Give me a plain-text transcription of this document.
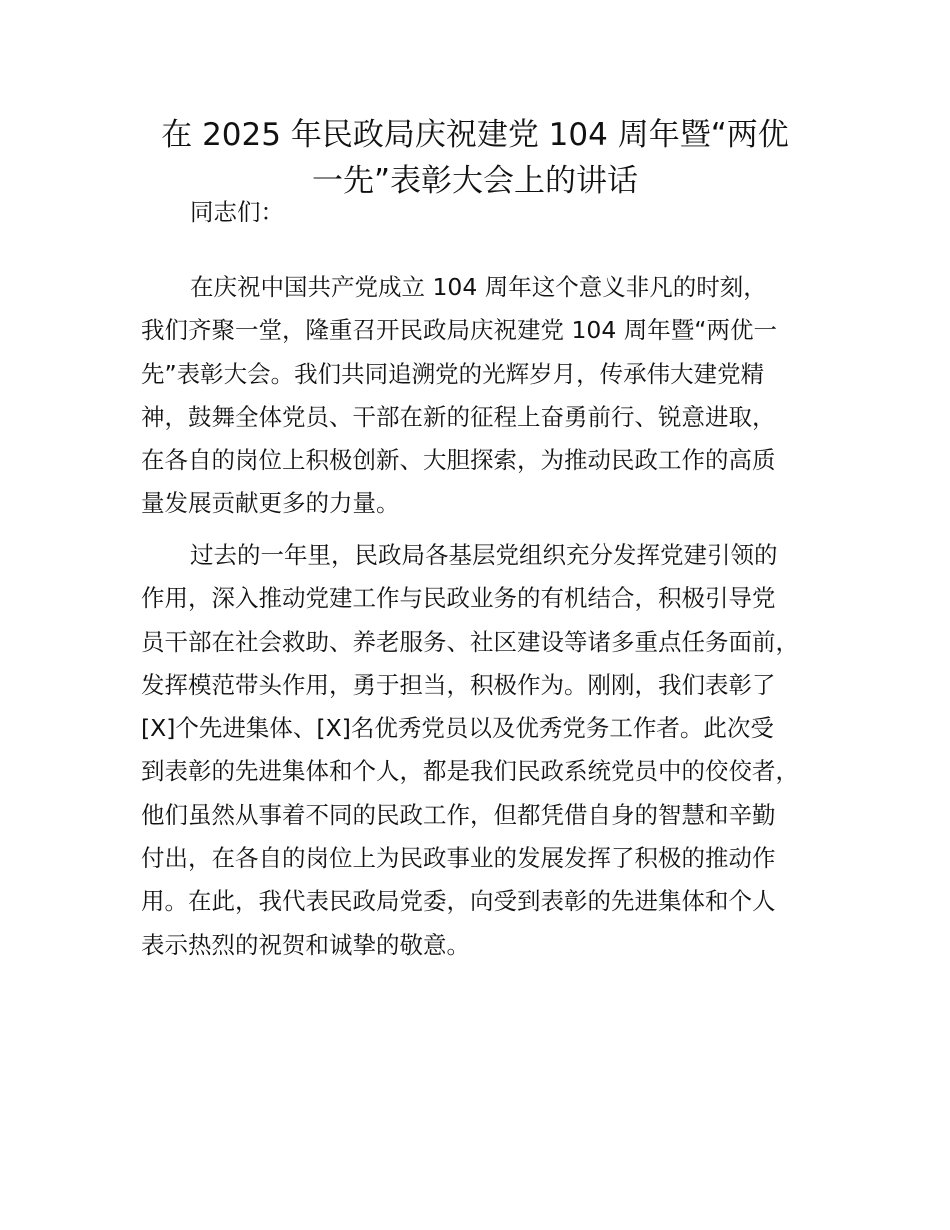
在 2025 年民政局庆祝建党 104 周年暨“两优
一先”表彰大会上的讲话

同志们：

在庆祝中国共产党成立 104 周年这个意义非凡的时刻，
我们齐聚一堂，隆重召开民政局庆祝建党 104 周年暨“两优一
先”表彰大会。我们共同追溯党的光辉岁月，传承伟大建党精
神，鼓舞全体党员、干部在新的征程上奋勇前行、锐意进取，
在各自的岗位上积极创新、大胆探索，为推动民政工作的高质
量发展贡献更多的力量。

过去的一年里，民政局各基层党组织充分发挥党建引领的
作用，深入推动党建工作与民政业务的有机结合，积极引导党
员干部在社会救助、养老服务、社区建设等诸多重点任务面前，
发挥模范带头作用，勇于担当，积极作为。刚刚，我们表彰了
[X]个先进集体、[X]名优秀党员以及优秀党务工作者。此次受
到表彰的先进集体和个人，都是我们民政系统党员中的佼佼者，
他们虽然从事着不同的民政工作，但都凭借自身的智慧和辛勤
付出，在各自的岗位上为民政事业的发展发挥了积极的推动作
用。在此，我代表民政局党委，向受到表彰的先进集体和个人
表示热烈的祝贺和诚挚的敬意。
